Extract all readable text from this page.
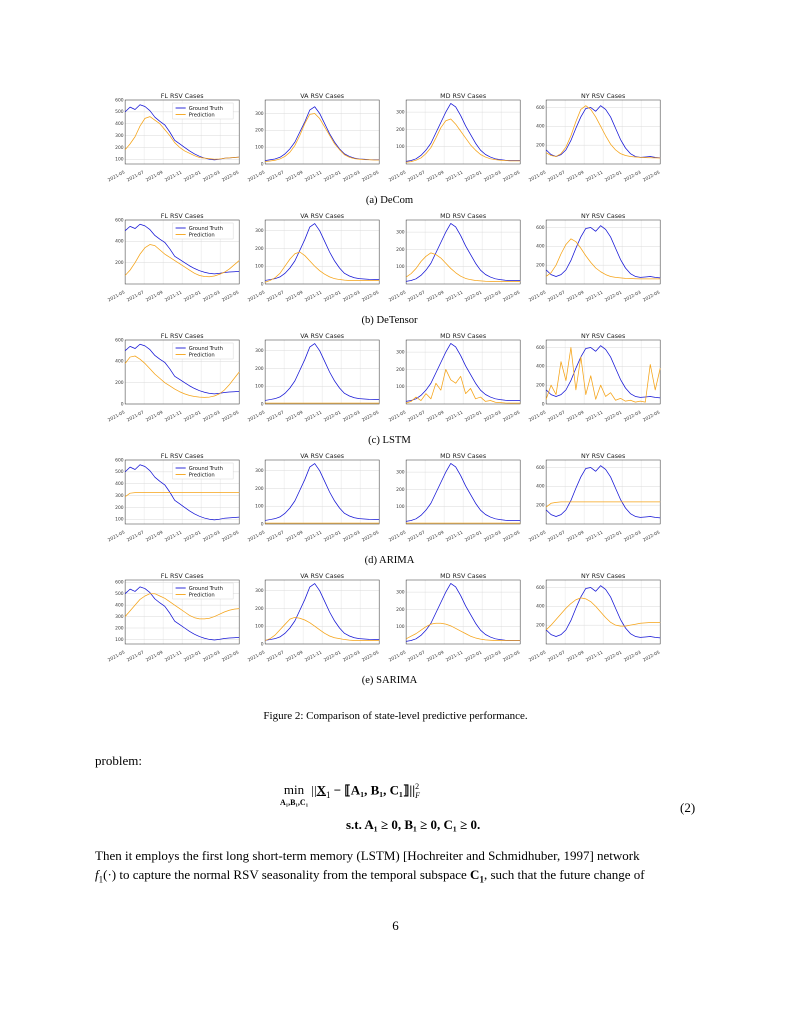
FL RSV Cases
100
200
300
400
500
600
2021-05 2021-07 2021-09 2021-11 2022-01 2022-03 2022-05
Ground Truth
Prediction
VA RSV Cases
0
100
200
300
2021-05 2021-07 2021-09 2021-11 2022-01 2022-03 2022-05
MD RSV Cases
100
200
300
2021-05 2021-07 2021-09 2021-11 2022-01 2022-03 2022-05
NY RSV Cases
200
400
600
2021-05 2021-07 2021-09 2021-11 2022-01 2022-03 2022-05
(a) DeCom
FL RSV Cases
200
400
600
2021-05 2021-07 2021-09 2021-11 2022-01 2022-03 2022-05
Ground Truth
Prediction
VA RSV Cases
0
100
200
300
2021-05 2021-07 2021-09 2021-11 2022-01 2022-03 2022-05
MD RSV Cases
100
200
300
2021-05 2021-07 2021-09 2021-11 2022-01 2022-03 2022-05
NY RSV Cases
200
400
600
2021-05 2021-07 2021-09 2021-11 2022-01 2022-03 2022-05
(b) DeTensor
FL RSV Cases
0
200
400
600
2021-05 2021-07 2021-09 2021-11 2022-01 2022-03 2022-05
Ground Truth
Prediction
VA RSV Cases
0
100
200
300
2021-05 2021-07 2021-09 2021-11 2022-01 2022-03 2022-05
MD RSV Cases
100
200
300
2021-05 2021-07 2021-09 2021-11 2022-01 2022-03 2022-05
NY RSV Cases
0
200
400
600
2021-05 2021-07 2021-09 2021-11 2022-01 2022-03 2022-05
(c) LSTM
FL RSV Cases
100
200
300
400
500
600
2021-05 2021-07 2021-09 2021-11 2022-01 2022-03 2022-05
Ground Truth
Prediction
VA RSV Cases
0
100
200
300
2021-05 2021-07 2021-09 2021-11 2022-01 2022-03 2022-05
MD RSV Cases
100
200
300
2021-05 2021-07 2021-09 2021-11 2022-01 2022-03 2022-05
NY RSV Cases
200
400
600
2021-05 2021-07 2021-09 2021-11 2022-01 2022-03 2022-05
(d) ARIMA
FL RSV Cases
100
200
300
400
500
600
2021-05 2021-07 2021-09 2021-11 2022-01 2022-03 2022-05
Ground Truth
Prediction
VA RSV Cases
0
100
200
300
2021-05 2021-07 2021-09 2021-11 2022-01 2022-03 2022-05
MD RSV Cases
100
200
300
2021-05 2021-07 2021-09 2021-11 2022-01 2022-03 2022-05
NY RSV Cases
200
400
600
2021-05 2021-07 2021-09 2021-11 2022-01 2022-03 2022-05
(e) SARIMA
Figure 2: Comparison of state-level predictive performance.
problem:
min
$^{A_1,B_1,C_1}$ $||X_1$ − ⟦A₁, B₁, $C_1⟧||^2_F$
s.t. A₁ ≥ 0, B₁ ≥ 0, C₁ ≥ 0.
(2)
Then it employs the first long short-term memory (LSTM) [Hochreiter and Schmidhuber, 1997] network
$f_1(\cdot)$ to capture the normal RSV seasonality from the temporal subspace $C_1$, such that the future change of
6
